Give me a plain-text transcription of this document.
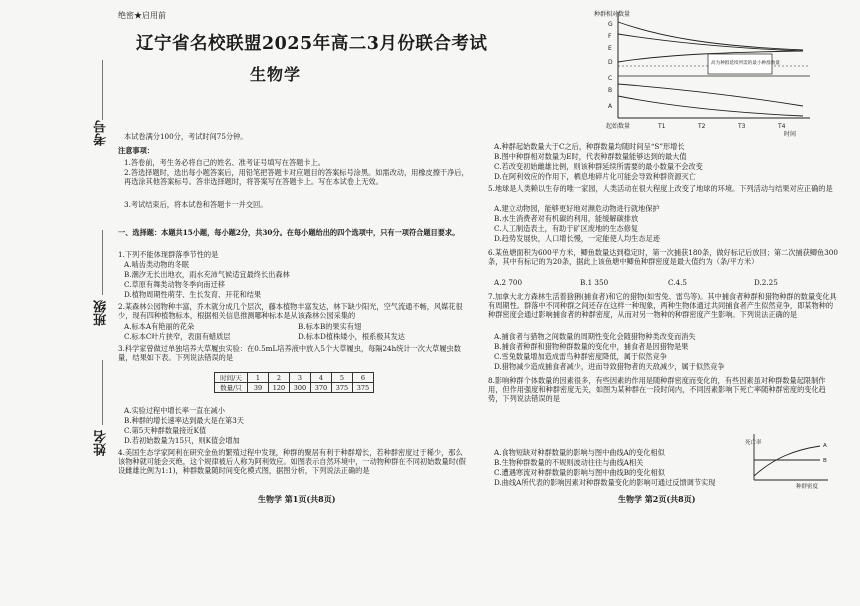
考号
班级
姓名
绝密★启用前
辽宁省名校联盟2025年高二3月份联合考试
生物学
本试卷满分100分，考试时间75分钟。
注意事项：
1.答卷前，考生务必将自己的姓名、准考证号填写在答题卡上。
2.答选择题时，选出每小题答案后，用铅笔把答题卡对应题目的答案标号涂黑。如需改动，用橡皮擦干净后，再选涂其他答案标号。答非选择题时，将答案写在答题卡上。写在本试卷上无效。
3.考试结束后，将本试卷和答题卡一并交回。
一、选择题：本题共15小题，每小题2分，共30分。在每小题给出的四个选项中，只有一项符合题目要求。
1.下列不能体现群落季节性的是
A.啮齿类动物的冬眠
B.潮汐无长出地衣，雨水充沛气候适宜最终长出森林
C.草原有舞类动物冬季向南迁移
D.植物周期性萌芽、生长发育、开花和结果
2.某森林公园物种丰富，乔木就分成几个层次，藤本植物丰富发达，林下缺少阳光，空气流通不畅，风媒花很少，现有四种植物标本，根据相关信息推测哪种标本是从该森林公园采集的
A.标本A有艳丽的花朵	B.标本B的果实有翅
C.标本C叶片狭窄，表面有蜡质层	D.标本D植株矮小，根系极其发达
3.科学家曾做过单独培养大草履虫实验：在0.5mL培养液中放入5个大草履虫，每隔24h统计一次大草履虫数量，结果如下表。下列说法错误的是
时间/天	1	2	3	4	5	6
数量/只	39	120	300	370	375	375
A.实验过程中增长率一直在减小
B.种群的增长速率达到最大是在第3天
C.第5天种群数量接近K值
D.若初始数量为15只，则K值会增加
4.美国生态学家阿利在研究金鱼的繁殖过程中发现，种群的聚居有利于种群增长，若种群密度过于稀少，那么该物种就可能会灭绝，这个规律被后人称为阿利效应。如图表示自然环境中，一动物种群在不同初始数量时(假设雌雄比例为1:1)，种群数量随时间变化模式图，据图分析，下列说法正确的是
生物学 第1页(共8页)
G
F
E
D
C
B
A
种群相对数量
起始数量	T1	T2	T3	T4
时间
高为种群延续所需的最小种群数量
A.种群起始数量大于C之后，种群数量均随时间呈“S”形增长
B.图中种群相对数量为E时，代表种群数量能够达到的最大值
C.若改变初始雌雄比例，则该种群延续所需要的最小数量不会改变
D.在阿利效应的作用下，栖息地碎片化可能会导致种群资源灭亡
5.地球是人类赖以生存的唯一家园，人类活动在很大程度上改变了地球的环境。下列活动与结果对应正确的是
A.建立动物园，能够更好地对濒危动物进行就地保护
B.水生消费者对有机碳的利用，能缓解碳排放
C.人工制造表土，有助于矿区废地的生态修复
D.趋势发展快，人口增长慢，一定能使人均生态足迹
6.某鱼塘面积为600平方米，鲫鱼数量达到稳定时，第一次捕获180条，做好标记后放回；第二次捕获鲫鱼300条，其中有标记的为20条，据此上该鱼塘中鲫鱼种群密度是最大值约为（条/平方米）
A.2 700	B.1 350	C.4.5	D.2.25
7.加拿大北方森林生活着猞猁(捕食者)和它的猎物(如雪兔、雷鸟等)。其中捕食者种群和猎物种群的数量变化具有周期性。群落中不同种群之间还存在这样一种现象，两种生物体通过共同捕食者产生似然竞争，即某物种的种群密度会通过影响捕食者的种群密度，从而对另一物种的种群密度产生影响。下列说法正确的是
A.捕食者与猎物之间数量的周期性变化会随猎物种类改变而消失
B.捕食者种群和猎物种群数量的变化中，捕食者是因猎物是果
C.雪兔数量增加造成雷鸟种群密度降低，属于似然竞争
D.猎物减少造成捕食者减少，进而导致猎物者的天敌减少，属于似然竞争
8.影响种群个体数量的因素很多，有些因素的作用是随种群密度而变化的，有些因素虽对种群数量起限制作用，但作用强度和种群密度无关，如图为某种群在一段时间内，不同因素影响下死亡率随种群密度的变化趋势，下列说法错误的是
A.食物短缺对种群数量的影响与图中曲线A的变化相似
B.生物种群数量的不规则波动往往与曲线A相关
C.遭遇寒流对种群数量的影响与图中曲线B的变化相似
D.曲线A所代表的影响因素对种群数量变化的影响可通过反馈调节实现
死亡率	A
B
种群密度
生物学 第2页(共8页)
